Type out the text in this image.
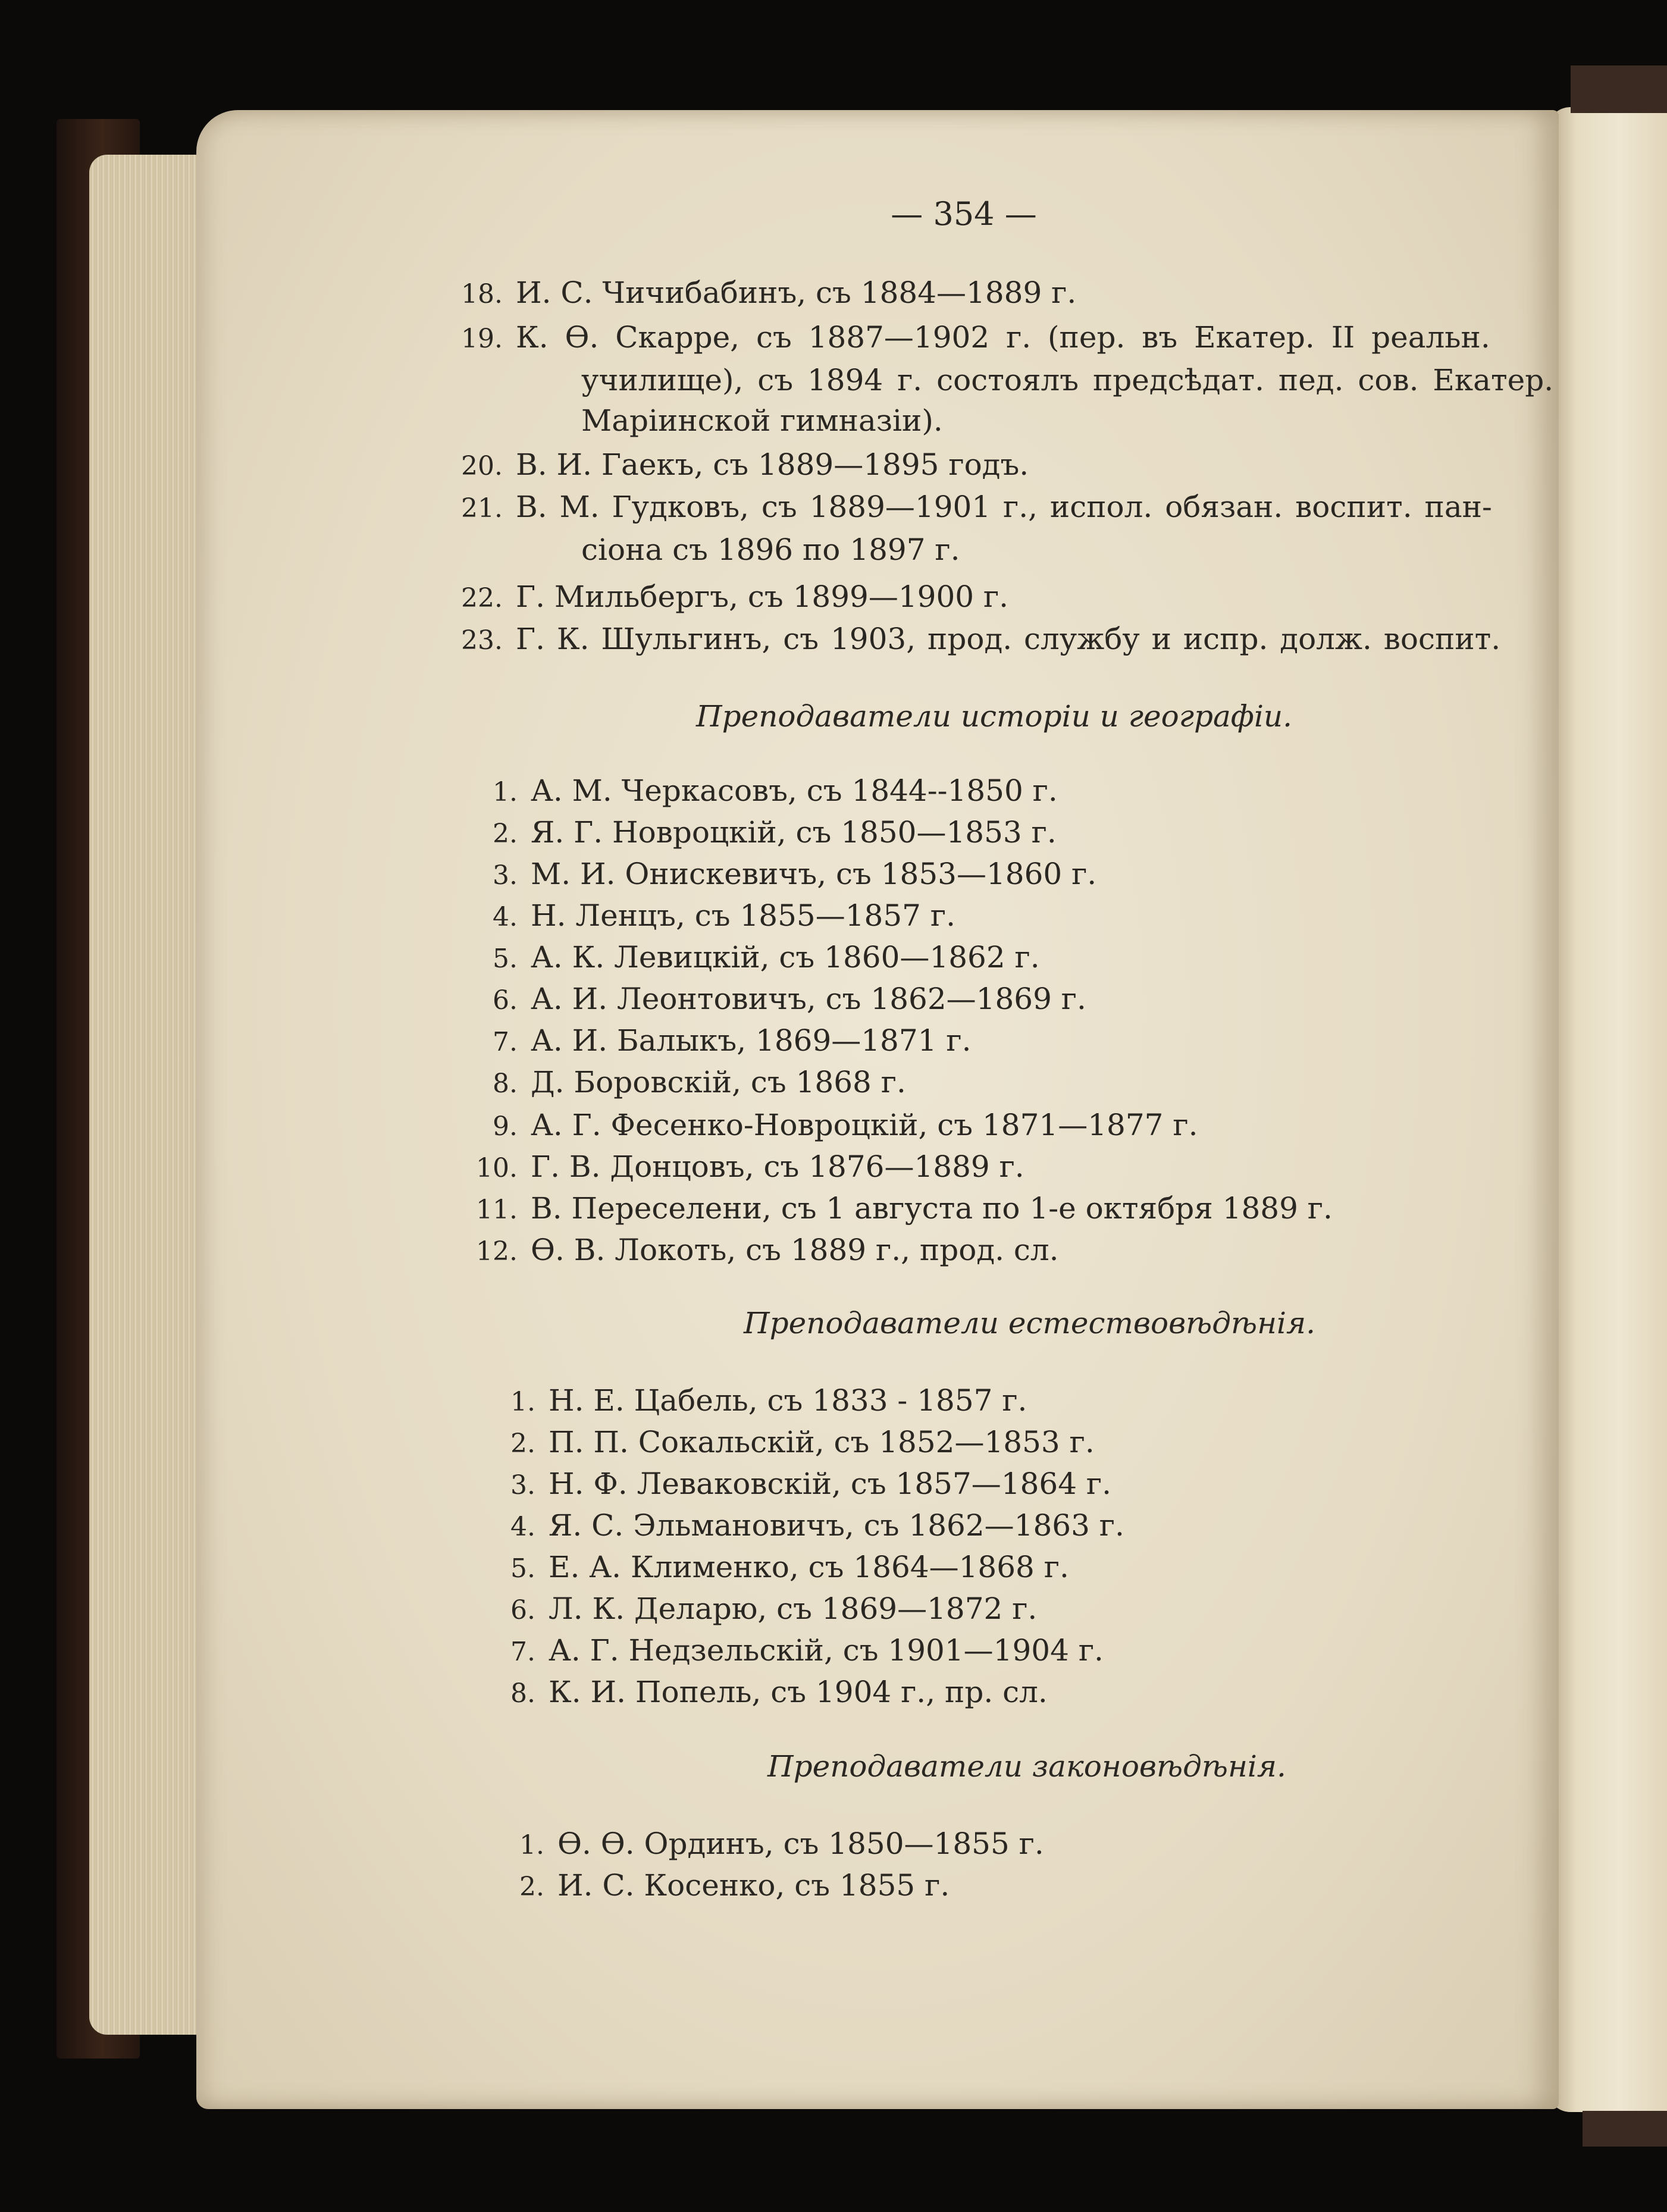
— 354 —
18. И. С. Чичибабинъ, съ 1884—1889 г.
19. К. Ѳ. Скарре, съ 1887—1902 г. (пер. въ Екатер. II реальн.
училище), съ 1894 г. состоялъ предсѣдат. пед. сов. Екатер.
Маріинской гимназіи).
20. В. И. Гаекъ, съ 1889—1895 годъ.
21. В. М. Гудковъ, съ 1889—1901 г., испол. обязан. воспит. пан-
сіона съ 1896 по 1897 г.
22. Г. Мильбергъ, съ 1899—1900 г.
23. Г. К. Шульгинъ, съ 1903, прод. службу и испр. долж. воспит.
Преподаватели исторіи и географіи.
1. А. М. Черкасовъ, съ 1844--1850 г.
2. Я. Г. Новроцкій, съ 1850—1853 г.
3. М. И. Онискевичъ, съ 1853—1860 г.
4. Н. Ленцъ, съ 1855—1857 г.
5. А. К. Левицкій, съ 1860—1862 г.
6. А. И. Леонтовичъ, съ 1862—1869 г.
7. А. И. Балыкъ, 1869—1871 г.
8. Д. Боровскій, съ 1868 г.
9. А. Г. Фесенко-Новроцкій, съ 1871—1877 г.
10. Г. В. Донцовъ, съ 1876—1889 г.
11. В. Переселени, съ 1 августа по 1-е октября 1889 г.
12. Ѳ. В. Локоть, съ 1889 г., прод. сл.
Преподаватели естествовѣдѣнія.
1. Н. Е. Цабель, съ 1833 - 1857 г.
2. П. П. Сокальскій, съ 1852—1853 г.
3. Н. Ф. Леваковскій, съ 1857—1864 г.
4. Я. С. Эльмановичъ, съ 1862—1863 г.
5. Е. А. Клименко, съ 1864—1868 г.
6. Л. К. Деларю, съ 1869—1872 г.
7. А. Г. Недзельскій, съ 1901—1904 г.
8. К. И. Попель, съ 1904 г., пр. сл.
Преподаватели законовѣдѣнія.
1. Ѳ. Ѳ. Ординъ, съ 1850—1855 г.
2. И. С. Косенко, съ 1855 г.
